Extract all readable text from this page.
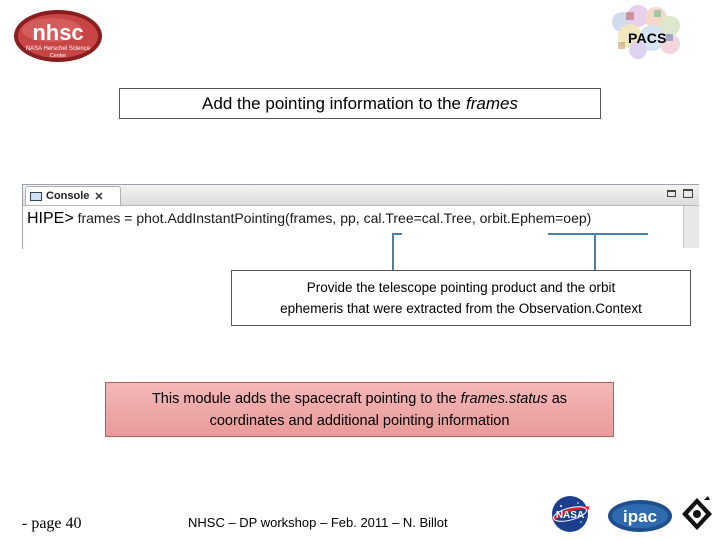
nhsc
NASA Herschel Science
Center
PACS
Add the pointing information to the frames
Console ✕
HIPE> frames = phot.AddInstantPointing(frames, pp, cal.Tree=cal.Tree, orbit.Ephem=oep)
Provide the telescope pointing product and the orbit
ephemeris that were extracted from the Observation.Context
This module adds the spacecraft pointing to the frames.status as
coordinates and additional pointing information
- page 40	NHSC – DP workshop – Feb. 2011 – N. Billot	NASA ipac
